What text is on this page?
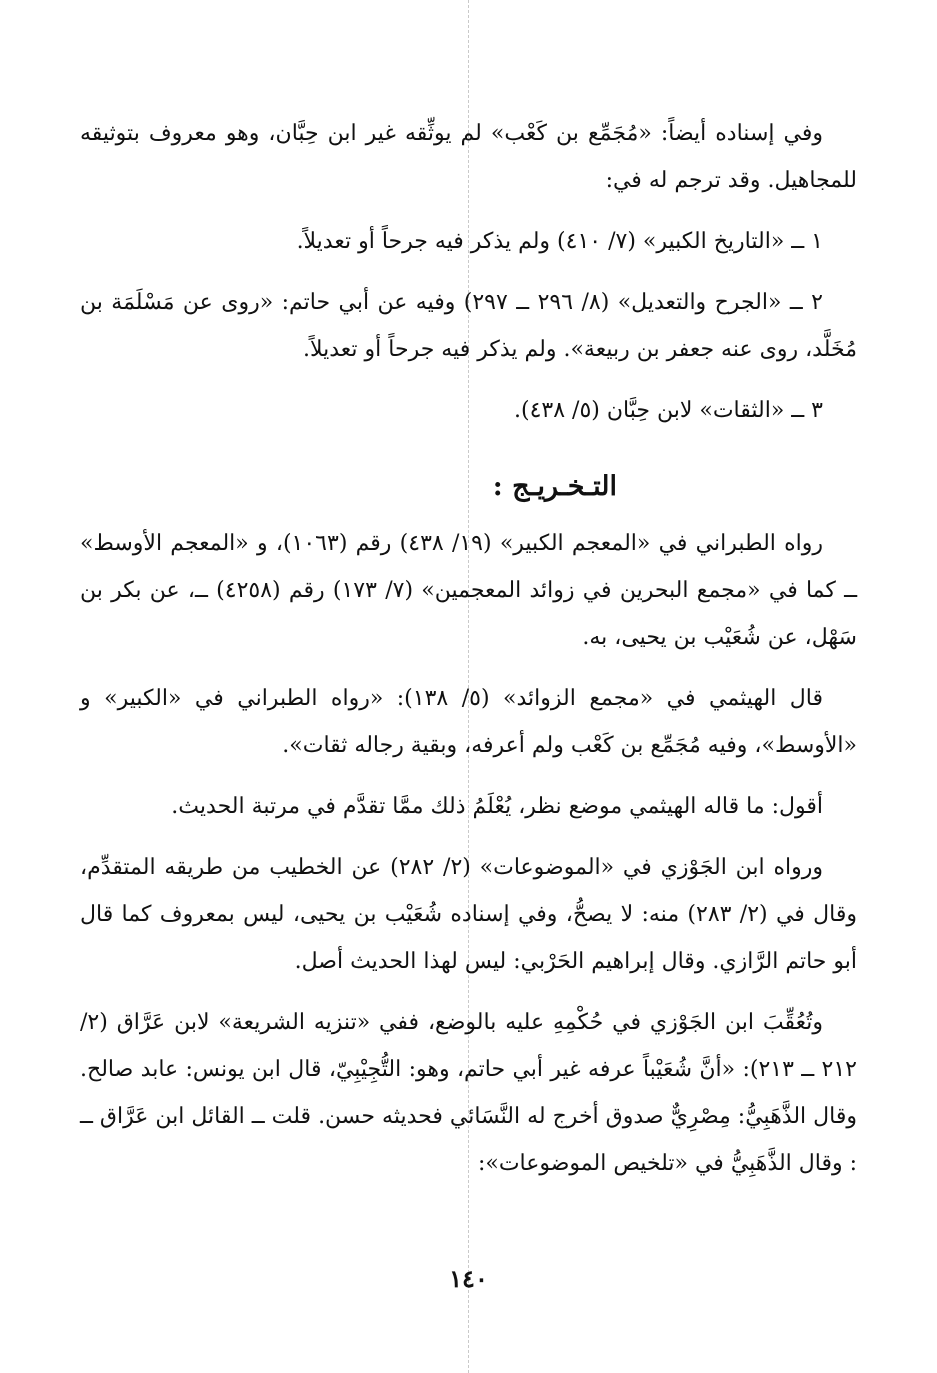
وفي إسناده أيضاً: «مُجَمِّع بن كَعْب» لم يوثِّقه غير ابن حِبَّان، وهو معروف بتوثيقه للمجاهيل. وقد ترجم له في:

١ ــ «التاريخ الكبير» (٧/ ٤١٠) ولم يذكر فيه جرحاً أو تعديلاً.

٢ ــ «الجرح والتعديل» (٨/ ٢٩٦ ــ ٢٩٧) وفيه عن أبي حاتم: «روى عن مَسْلَمَة بن مُخَلَّد، روى عنه جعفر بن ربيعة». ولم يذكر فيه جرحاً أو تعديلاً.

٣ ــ «الثقات» لابن حِبَّان (٥/ ٤٣٨).

التـخـريـج :

رواه الطبراني في «المعجم الكبير» (١٩/ ٤٣٨) رقم (١٠٦٣)، و «المعجم الأوسط» ــ كما في «مجمع البحرين في زوائد المعجمين» (٧/ ١٧٣) رقم (٤٢٥٨) ــ، عن بكر بن سَهْل، عن شُعَيْب بن يحيى، به.

قال الهيثمي في «مجمع الزوائد» (٥/ ١٣٨): «رواه الطبراني في «الكبير» و «الأوسط»، وفيه مُجَمِّع بن كَعْب ولم أعرفه، وبقية رجاله ثقات».

أقول: ما قاله الهيثمي موضع نظر، يُعْلَمُ ذلك ممَّا تقدَّم في مرتبة الحديث.

ورواه ابن الجَوْزي في «الموضوعات» (٢/ ٢٨٢) عن الخطيب من طريقه المتقدِّم، وقال في (٢/ ٢٨٣) منه: لا يصحُّ، وفي إسناده شُعَيْب بن يحيى، ليس بمعروف كما قال أبو حاتم الرَّازي. وقال إبراهيم الحَرْبي: ليس لهذا الحديث أصل.

وتُعُقِّبَ ابن الجَوْزي في حُكْمِهِ عليه بالوضع، ففي «تنزيه الشريعة» لابن عَرَّاق (٢/ ٢١٢ ــ ٢١٣): «أنَّ شُعَيْباً عرفه غير أبي حاتم، وهو: التُّجِيْبِيّ، قال ابن يونس: عابد صالح. وقال الذَّهَبِيُّ: مِصْرِيٌّ صدوق أخرج له النَّسَائي فحديثه حسن. قلت ــ القائل ابن عَرَّاق ــ : وقال الذَّهَبِيُّ في «تلخيص الموضوعات»:

١٤٠
